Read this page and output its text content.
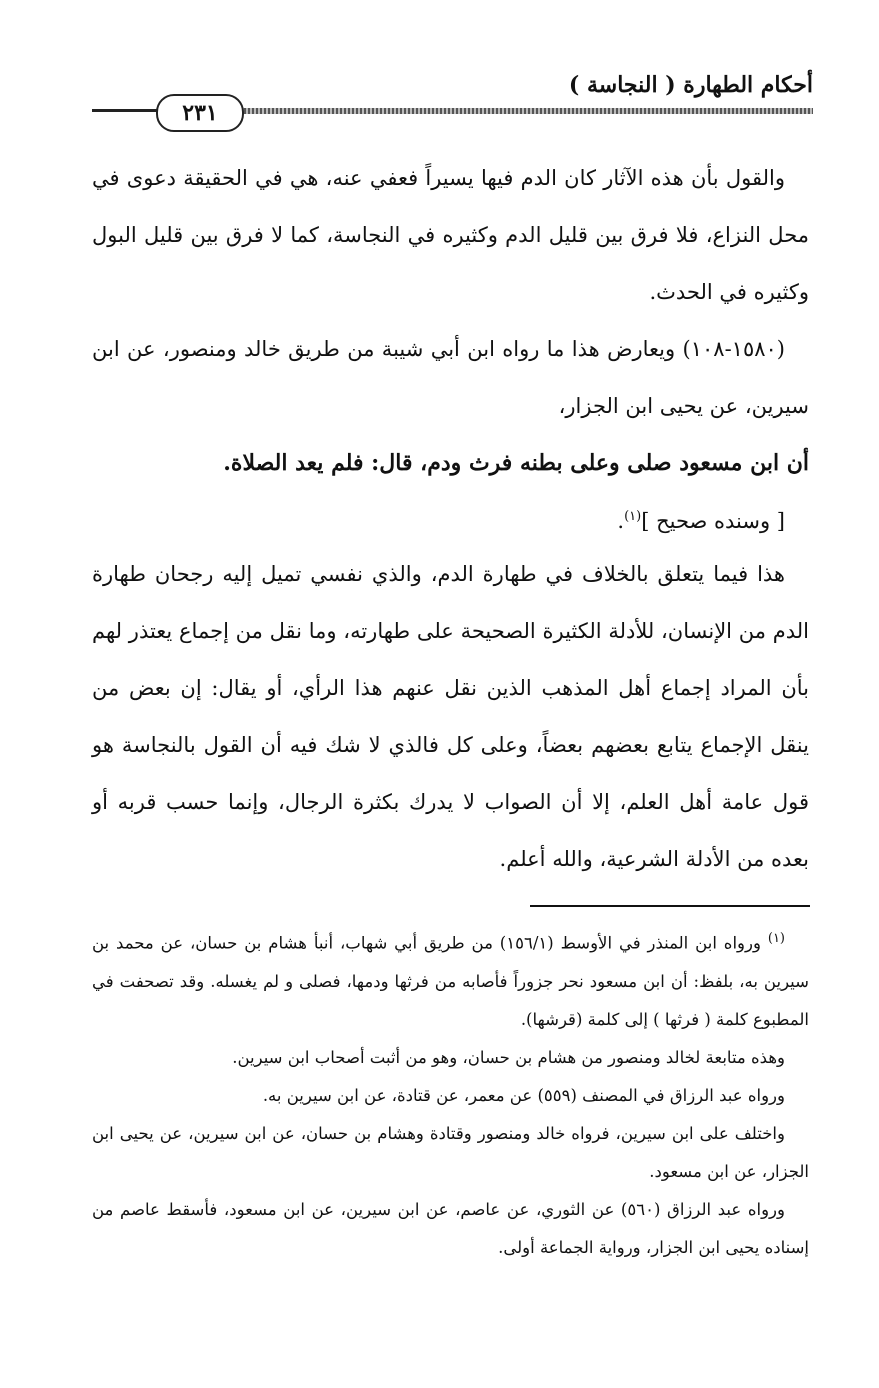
أحكام الطهارة ( النجاسة )
٢٣١

والقول بأن هذه الآثار كان الدم فيها يسيراً فعفي عنه، هي في الحقيقة دعوى في محل النزاع، فلا فرق بين قليل الدم وكثيره في النجاسة، كما لا فرق بين قليل البول وكثيره في الحدث.

(١٥٨٠-١٠٨) ويعارض هذا ما رواه ابن أبي شيبة من طريق خالد ومنصور، عن ابن سيرين، عن يحيى ابن الجزار،

أن ابن مسعود صلى وعلى بطنه فرث ودم، قال: فلم يعد الصلاة.

[ وسنده صحيح ]$^{(١)}$.

هذا فيما يتعلق بالخلاف في طهارة الدم، والذي نفسي تميل إليه رجحان طهارة الدم من الإنسان، للأدلة الكثيرة الصحيحة على طهارته، وما نقل من إجماع يعتذر لهم بأن المراد إجماع أهل المذهب الذين نقل عنهم هذا الرأي، أو يقال: إن بعض من ينقل الإجماع يتابع بعضهم بعضاً، وعلى كل فالذي لا شك فيه أن القول بالنجاسة هو قول عامة أهل العلم، إلا أن الصواب لا يدرك بكثرة الرجال، وإنما حسب قربه أو بعده من الأدلة الشرعية، والله أعلم.

$^{(١)}$ ورواه ابن المنذر في الأوسط (١٥٦/١) من طريق أبي شهاب، أنبأ هشام بن حسان، عن محمد بن سيرين به، بلفظ: أن ابن مسعود نحر جزوراً فأصابه من فرثها ودمها، فصلى و لم يغسله. وقد تصحفت في المطبوع كلمة ( فرثها ) إلى كلمة (قرشها).

وهذه متابعة لخالد ومنصور من هشام بن حسان، وهو من أثبت أصحاب ابن سيرين.

ورواه عبد الرزاق في المصنف (٥٥٩) عن معمر، عن قتادة، عن ابن سيرين به.

واختلف على ابن سيرين، فرواه خالد ومنصور وقتادة وهشام بن حسان، عن ابن سيرين، عن يحيى ابن الجزار، عن ابن مسعود.

ورواه عبد الرزاق (٥٦٠) عن الثوري، عن عاصم، عن ابن سيرين، عن ابن مسعود، فأسقط عاصم من إسناده يحيى ابن الجزار، ورواية الجماعة أولى.
